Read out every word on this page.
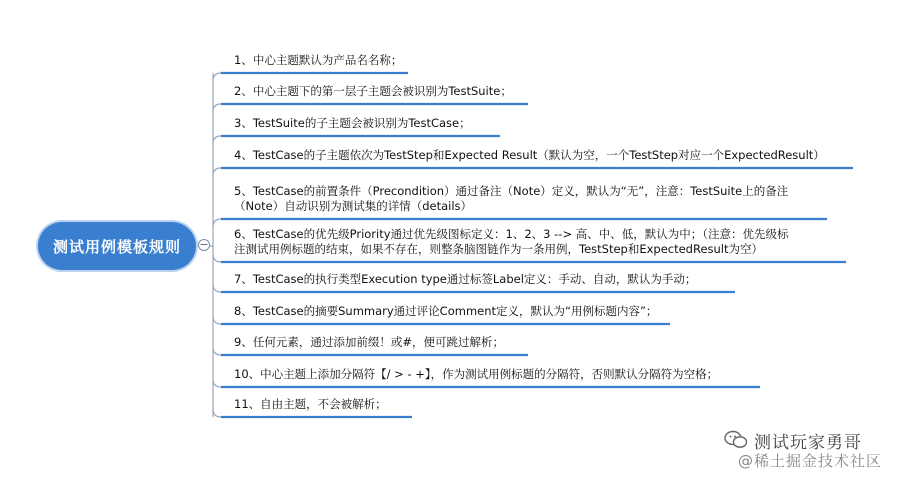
测试用例模板规则	−
1、中心主题默认为产品名名称；
2、中心主题下的第一层子主题会被识别为TestSuite；
3、TestSuite的子主题会被识别为TestCase；
4、TestCase的子主题依次为TestStep和Expected Result（默认为空，一个TestStep对应一个ExpectedResult）
5、TestCase的前置条件（Precondition）通过备注（Note）定义，默认为“无”，注意：TestSuite上的备注
（Note）自动识别为测试集的详情（details）
6、TestCase的优先级Priority通过优先级图标定义：1、2、3 --> 高、中、低，默认为中；（注意：优先级标
注测试用例标题的结束，如果不存在，则整条脑图链作为一条用例，TestStep和ExpectedResult为空）
7、TestCase的执行类型Execution type通过标签Label定义：手动、自动，默认为手动；
8、TestCase的摘要Summary通过评论Comment定义，默认为“用例标题内容”；
9、任何元素，通过添加前缀！或#，便可跳过解析；
10、中心主题上添加分隔符【/ > - +】，作为测试用例标题的分隔符，否则默认分隔符为空格；
11、自由主题，不会被解析；
测试玩家勇哥
@稀土掘金技术社区
